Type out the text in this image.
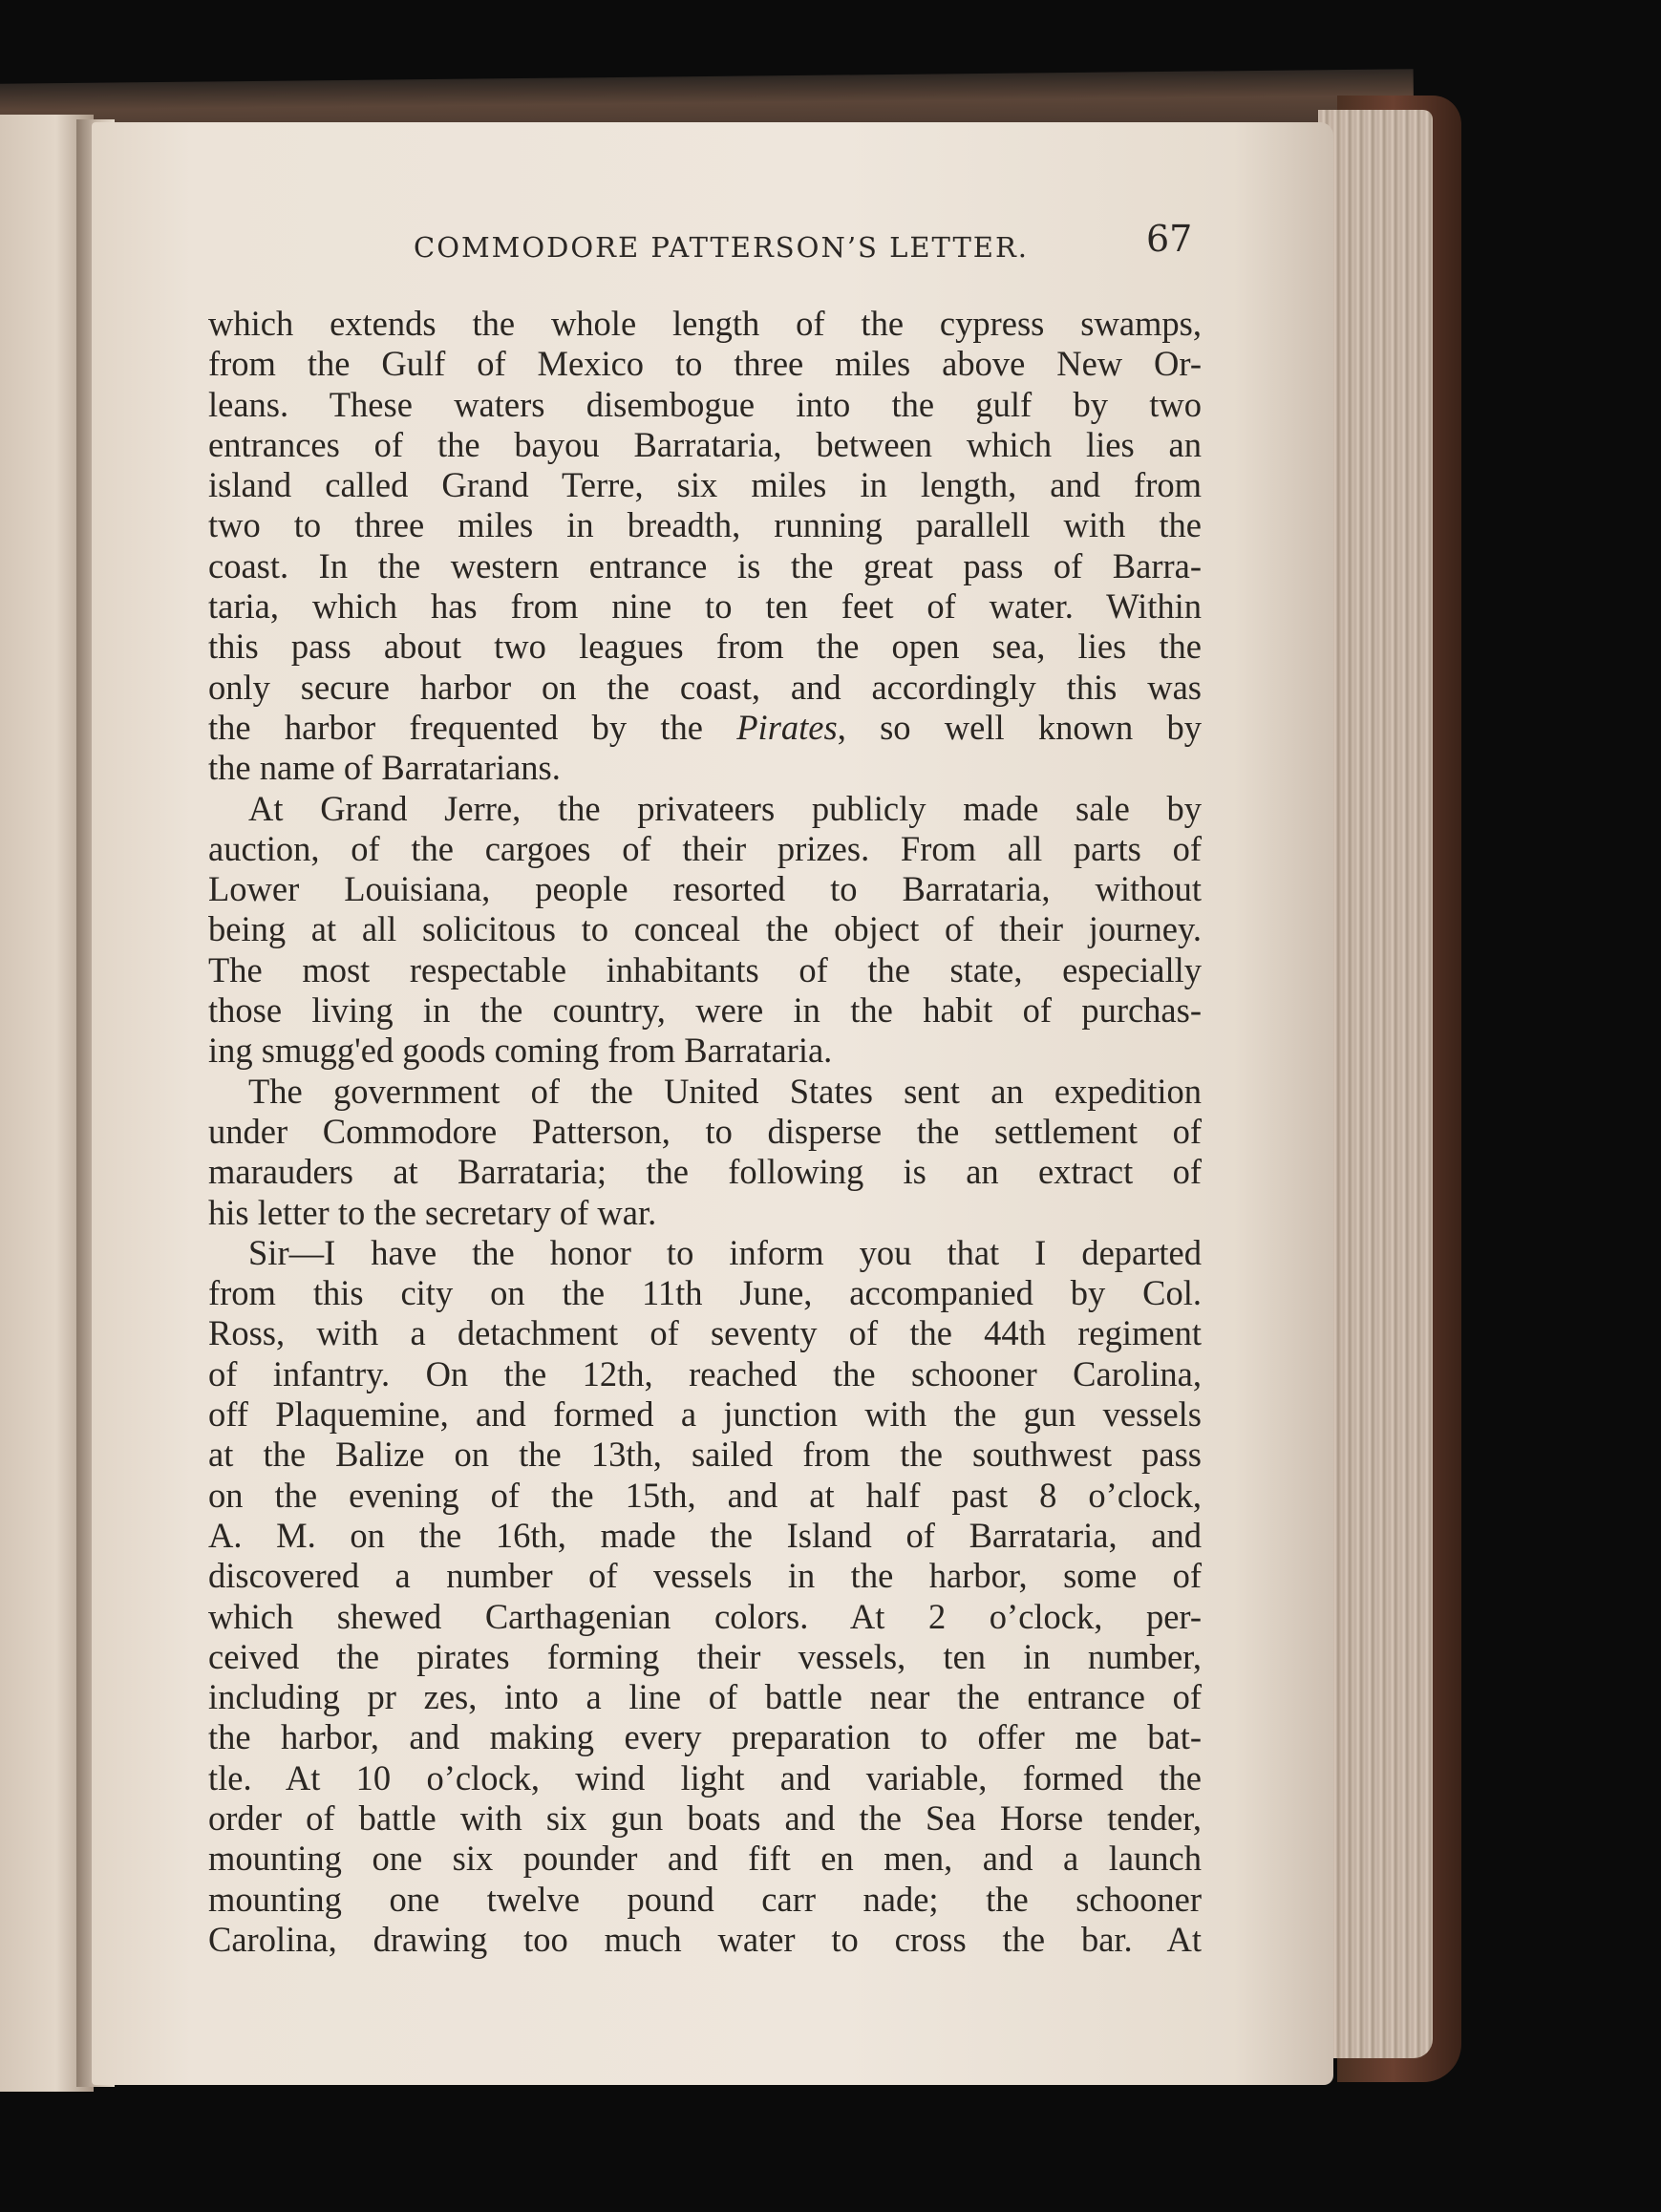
COMMODORE PATTERSON’S LETTER.	67
which extends the whole length of the cypress swamps,
from the Gulf of Mexico to three miles above New Or-
leans. These waters disembogue into the gulf by two
entrances of the bayou Barrataria, between which lies an
island called Grand Terre, six miles in length, and from
two to three miles in breadth, running parallell with the
coast. In the western entrance is the great pass of Barra-
taria, which has from nine to ten feet of water. Within
this pass about two leagues from the open sea, lies the
only secure harbor on the coast, and accordingly this was
the harbor frequented by the Pirates, so well known by
the name of Barratarians.
At Grand Jerre, the privateers publicly made sale by
auction, of the cargoes of their prizes. From all parts of
Lower Louisiana, people resorted to Barrataria, without
being at all solicitous to conceal the object of their journey.
The most respectable inhabitants of the state, especially
those living in the country, were in the habit of purchas-
ing smugg'ed goods coming from Barrataria.
The government of the United States sent an expedition
under Commodore Patterson, to disperse the settlement of
marauders at Barrataria; the following is an extract of
his letter to the secretary of war.
Sir—I have the honor to inform you that I departed
from this city on the 11th June, accompanied by Col.
Ross, with a detachment of seventy of the 44th regiment
of infantry. On the 12th, reached the schooner Carolina,
off Plaquemine, and formed a junction with the gun vessels
at the Balize on the 13th, sailed from the southwest pass
on the evening of the 15th, and at half past 8 o’clock,
A. M. on the 16th, made the Island of Barrataria, and
discovered a number of vessels in the harbor, some of
which shewed Carthagenian colors. At 2 o’clock, per-
ceived the pirates forming their vessels, ten in number,
including pr zes, into a line of battle near the entrance of
the harbor, and making every preparation to offer me bat-
tle. At 10 o’clock, wind light and variable, formed the
order of battle with six gun boats and the Sea Horse tender,
mounting one six pounder and fift en men, and a launch
mounting one twelve pound carr nade; the schooner
Carolina, drawing too much water to cross the bar. At
